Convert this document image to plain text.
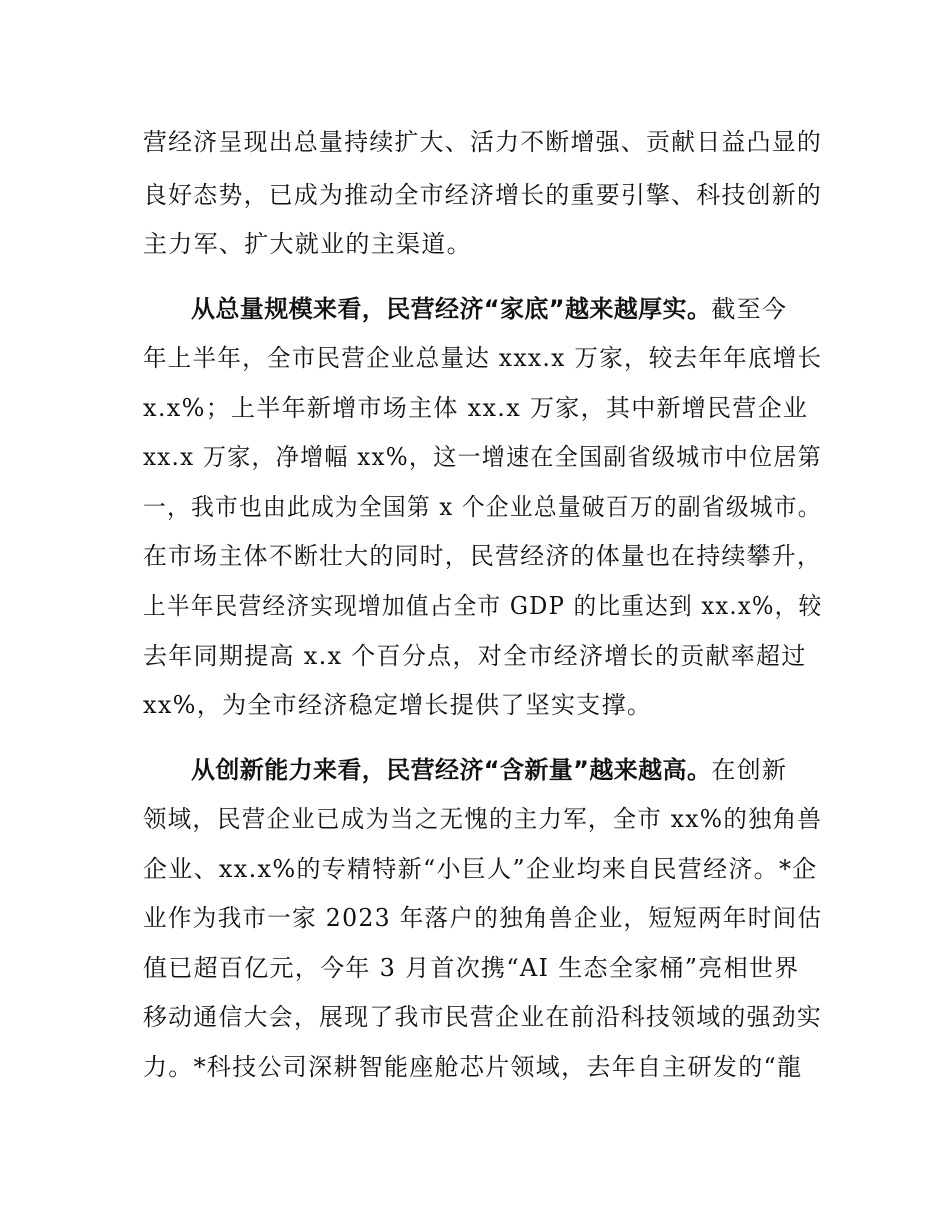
营经济呈现出总量持续扩大、活力不断增强、贡献日益凸显的
良好态势，已成为推动全市经济增长的重要引擎、科技创新的
主力军、扩大就业的主渠道。
从总量规模来看，民营经济“家底”越来越厚实。截至今
年上半年，全市民营企业总量达 xxx.x 万家，较去年年底增长
x.x%；上半年新增市场主体 xx.x 万家，其中新增民营企业
xx.x 万家，净增幅 xx%，这一增速在全国副省级城市中位居第
一，我市也由此成为全国第 x 个企业总量破百万的副省级城市。
在市场主体不断壮大的同时，民营经济的体量也在持续攀升，
上半年民营经济实现增加值占全市 GDP 的比重达到 xx.x%，较
去年同期提高 x.x 个百分点，对全市经济增长的贡献率超过
xx%，为全市经济稳定增长提供了坚实支撑。
从创新能力来看，民营经济“含新量”越来越高。在创新
领域，民营企业已成为当之无愧的主力军，全市 xx%的独角兽
企业、xx.x%的专精特新“小巨人”企业均来自民营经济。*企
业作为我市一家 2023 年落户的独角兽企业，短短两年时间估
值已超百亿元，今年 3 月首次携“AI 生态全家桶”亮相世界
移动通信大会，展现了我市民营企业在前沿科技领域的强劲实
力。*科技公司深耕智能座舱芯片领域，去年自主研发的“龍
